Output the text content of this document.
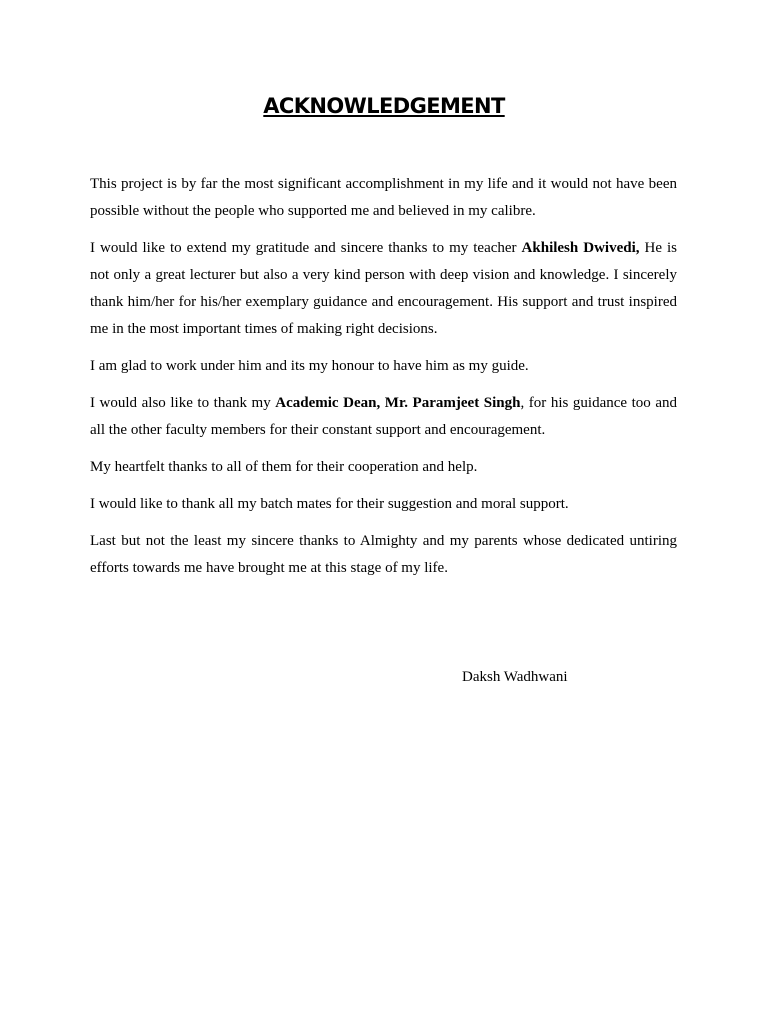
ACKNOWLEDGEMENT

This project is by far the most significant accomplishment in my life and it would not have been possible without the people who supported me and believed in my calibre.

I would like to extend my gratitude and sincere thanks to my teacher Akhilesh Dwivedi, He is not only a great lecturer but also a very kind person with deep vision and knowledge. I sincerely thank him/her for his/her exemplary guidance and encouragement. His support and trust inspired me in the most important times of making right decisions.

I am glad to work under him and its my honour to have him as my guide.

I would also like to thank my Academic Dean, Mr. Paramjeet Singh, for his guidance too and all the other faculty members for their constant support and encouragement.

My heartfelt thanks to all of them for their cooperation and help.

I would like to thank all my batch mates for their suggestion and moral support.

Last but not the least my sincere thanks to Almighty and my parents whose dedicated untiring efforts towards me have brought me at this stage of my life.

Daksh Wadhwani
